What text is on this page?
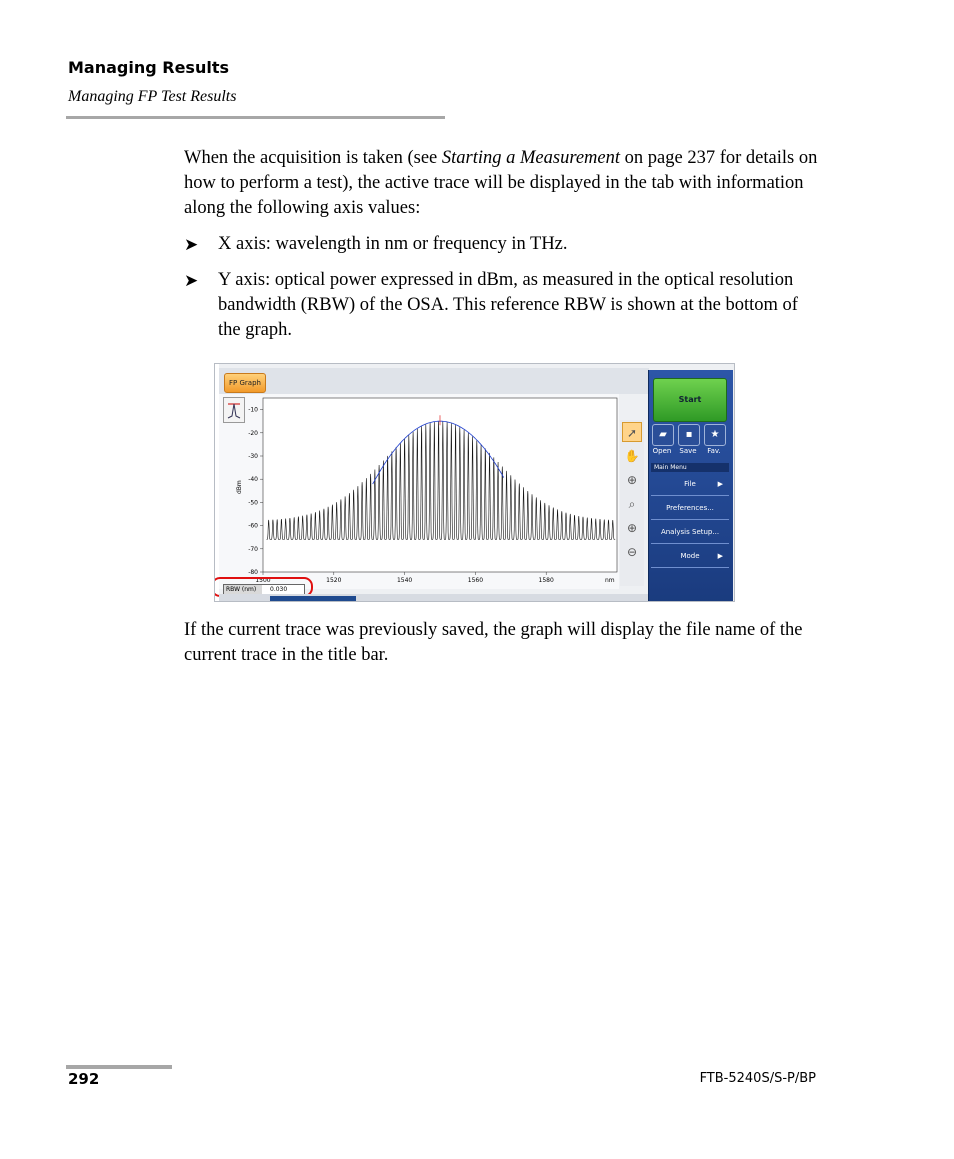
Managing Results
Managing FP Test Results
When the acquisition is taken (see Starting a Measurement on page 237 for details on how to perform a test), the active trace will be displayed in the tab with information along the following axis values:
➤ X axis: wavelength in nm or frequency in THz.
➤ Y axis: optical power expressed in dBm, as measured in the optical resolution bandwidth (RBW) of the OSA. This reference RBW is shown at the bottom of the graph.
FP Graph
-10
-20
-30
-40
-50
-60
-70
-80
1500	1520	1540	1560	1580	nm
dBm
RBW (nm)	0.030
➚
✋
⊕
⌕
⊕
⊖
Start
▰	▪	★
Open	Save	Fav.
Main Menu
File	▶
Preferences...
Analysis Setup...
Mode	▶
If the current trace was previously saved, the graph will display the file name of the current trace in the title bar.
292	FTB-5240S/S-P/BP
